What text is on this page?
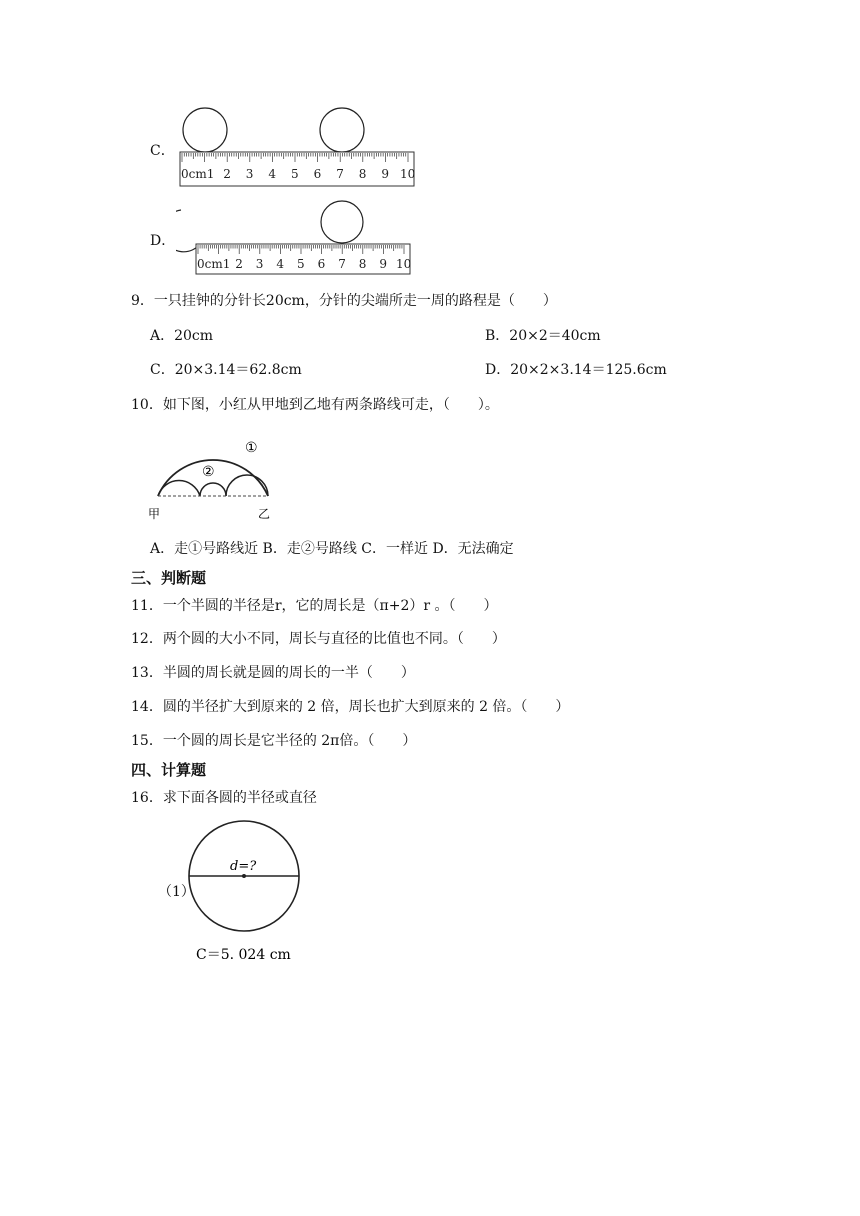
C．
0cm1 2 3 4 5 6 7 8 9 10
D．
0cm1 2 3 4 5 6 7 8 9 10
9．一只挂钟的分针长20cm，分针的尖端所走一周的路程是（　　）
A．20cm	B．20×2＝40cm
C．20×3.14＝62.8cm	D．20×2×3.14＝125.6cm
10．如下图，小红从甲地到乙地有两条路线可走，（　　）。
①
②
甲	乙
A．走①号路线近 B．走②号路线 C．一样近 D．无法确定
三、判断题
11．一个半圆的半径是r，它的周长是（π+2）r 。（　　）
12．两个圆的大小不同，周长与直径的比值也不同。（　　）
13．半圆的周长就是圆的周长的一半（　　）
14．圆的半径扩大到原来的 2 倍，周长也扩大到原来的 2 倍。（　　）
15．一个圆的周长是它半径的 2π倍。（　　）
四、计算题
16．求下面各圆的半径或直径
（1）
d=?
C＝5. 024 cm
